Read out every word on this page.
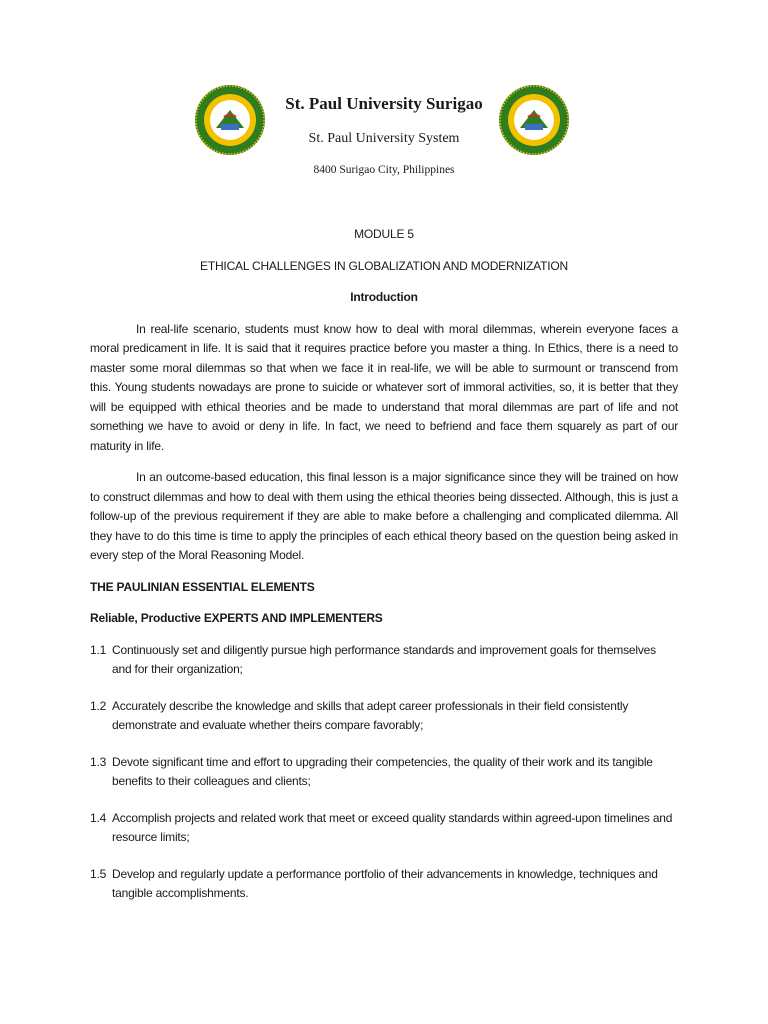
St. Paul University Surigao
St. Paul University System
8400 Surigao City, Philippines
MODULE 5
ETHICAL CHALLENGES IN GLOBALIZATION AND MODERNIZATION
Introduction

In real-life scenario, students must know how to deal with moral dilemmas, wherein everyone faces a moral predicament in life. It is said that it requires practice before you master a thing. In Ethics, there is a need to master some moral dilemmas so that when we face it in real-life, we will be able to surmount or transcend from this. Young students nowadays are prone to suicide or whatever sort of immoral activities, so, it is better that they will be equipped with ethical theories and be made to understand that moral dilemmas are part of life and not something we have to avoid or deny in life. In fact, we need to befriend and face them squarely as part of our maturity in life.

In an outcome-based education, this final lesson is a major significance since they will be trained on how to construct dilemmas and how to deal with them using the ethical theories being dissected. Although, this is just a follow-up of the previous requirement if they are able to make before a challenging and complicated dilemma. All they have to do this time is time to apply the principles of each ethical theory based on the question being asked in every step of the Moral Reasoning Model.

THE PAULINIAN ESSENTIAL ELEMENTS
Reliable, Productive EXPERTS AND IMPLEMENTERS
1.1 Continuously set and diligently pursue high performance standards and improvement goals for themselves and for their organization;
1.2 Accurately describe the knowledge and skills that adept career professionals in their field consistently demonstrate and evaluate whether theirs compare favorably;
1.3 Devote significant time and effort to upgrading their competencies, the quality of their work and its tangible benefits to their colleagues and clients;
1.4 Accomplish projects and related work that meet or exceed quality standards within agreed-upon timelines and resource limits;
1.5 Develop and regularly update a performance portfolio of their advancements in knowledge, techniques and tangible accomplishments.
